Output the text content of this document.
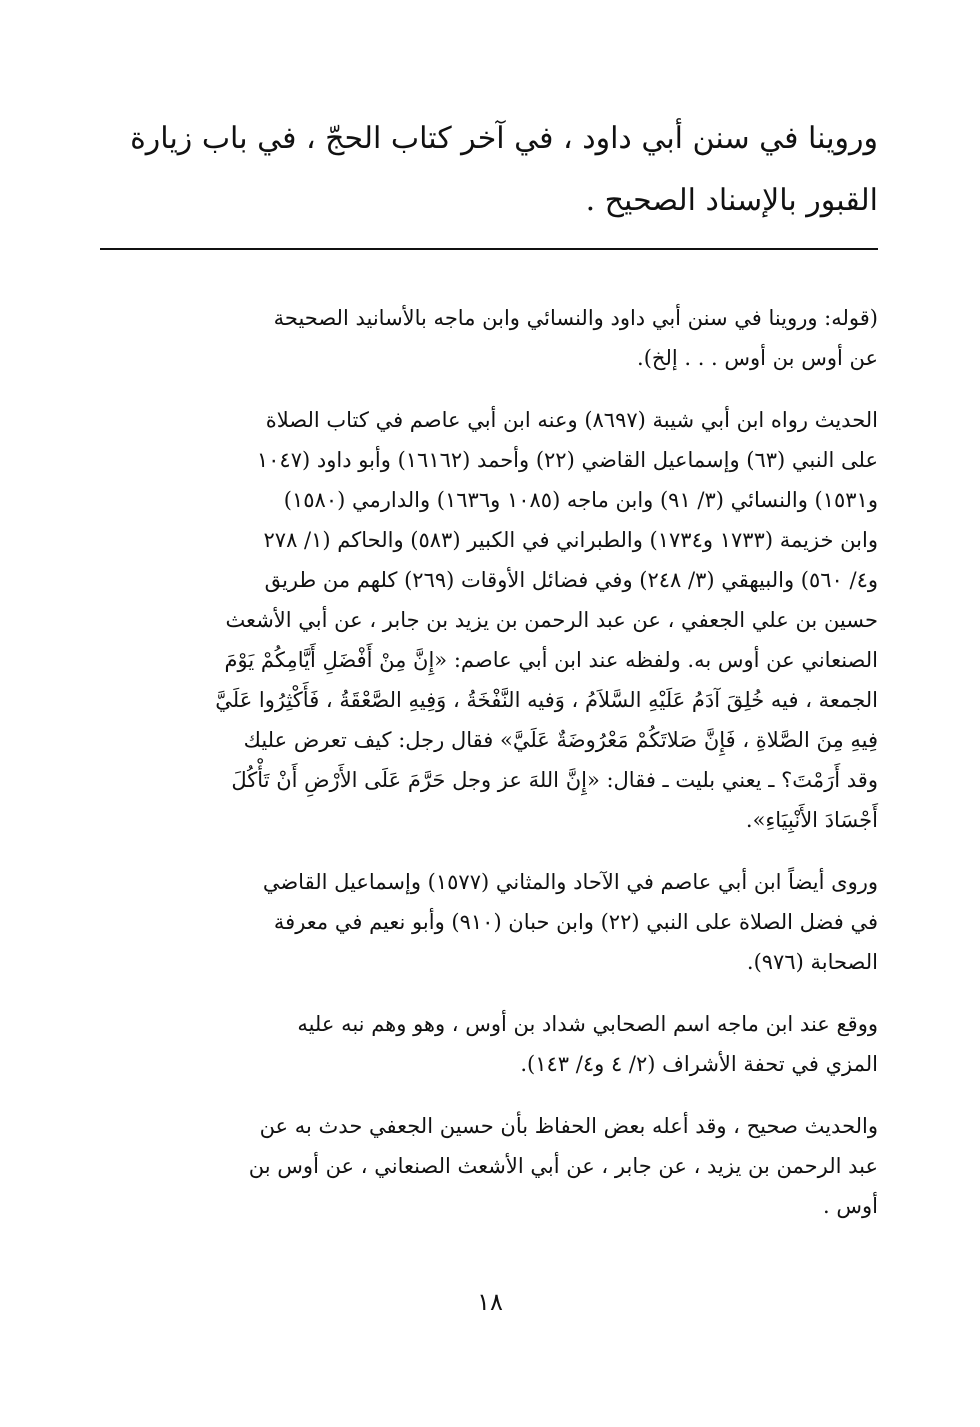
وروينا في سنن أبي داود ، في آخر كتاب الحجّ ، في باب زيارة
القبور بالإسناد الصحيح .

(قوله: وروينا في سنن أبي داود والنسائي وابن ماجه بالأسانيد الصحيحة
عن أوس بن أوس . . . إلخ).

الحديث رواه ابن أبي شيبة (٨٦٩٧) وعنه ابن أبي عاصم في كتاب الصلاة
على النبي (٦٣) وإسماعيل القاضي (٢٢) وأحمد (١٦١٦٢) وأبو داود (١٠٤٧
و١٥٣١) والنسائي (٣/ ٩١) وابن ماجه (١٠٨٥ و١٦٣٦) والدارمي (١٥٨٠)
وابن خزيمة (١٧٣٣ و١٧٣٤) والطبراني في الكبير (٥٨٣) والحاكم (١/ ٢٧٨
و٤/ ٥٦٠) والبيهقي (٣/ ٢٤٨) وفي فضائل الأوقات (٢٦٩) كلهم من طريق
حسين بن علي الجعفي ، عن عبد الرحمن بن يزيد بن جابر ، عن أبي الأشعث
الصنعاني عن أوس به. ولفظه عند ابن أبي عاصم: «إِنَّ مِنْ أَفْضَلِ أَيَّامِكُمْ يَوْمَ
الجمعة ، فيه خُلِقَ آدَمُ عَلَيْهِ السَّلاَمُ ، وَفيه النَّفْخَةُ ، وَفِيهِ الصَّعْقَةُ ، فَأَكْثِرُوا عَلَيَّ
فِيهِ مِنَ الصَّلاةِ ، فَإِنَّ صَلاتَكُمْ مَعْرُوضَةٌ عَلَيَّ» فقال رجل: كيف تعرض عليك
وقد أَرَمْتَ؟ ـ يعني بليت ـ فقال: «إِنَّ اللهَ عز وجل حَرَّمَ عَلَى الأَرْضِ أَنْ تَأْكُلَ
أَجْسَادَ الأَنْبِيَاءِ».

وروى أيضاً ابن أبي عاصم في الآحاد والمثاني (١٥٧٧) وإسماعيل القاضي
في فضل الصلاة على النبي (٢٢) وابن حبان (٩١٠) وأبو نعيم في معرفة
الصحابة (٩٧٦).

ووقع عند ابن ماجه اسم الصحابي شداد بن أوس ، وهو وهم نبه عليه
المزي في تحفة الأشراف (٢/ ٤ و٤/ ١٤٣).

والحديث صحيح ، وقد أعله بعض الحفاظ بأن حسين الجعفي حدث به عن
عبد الرحمن بن يزيد ، عن جابر ، عن أبي الأشعث الصنعاني ، عن أوس بن
أوس .

١٨
